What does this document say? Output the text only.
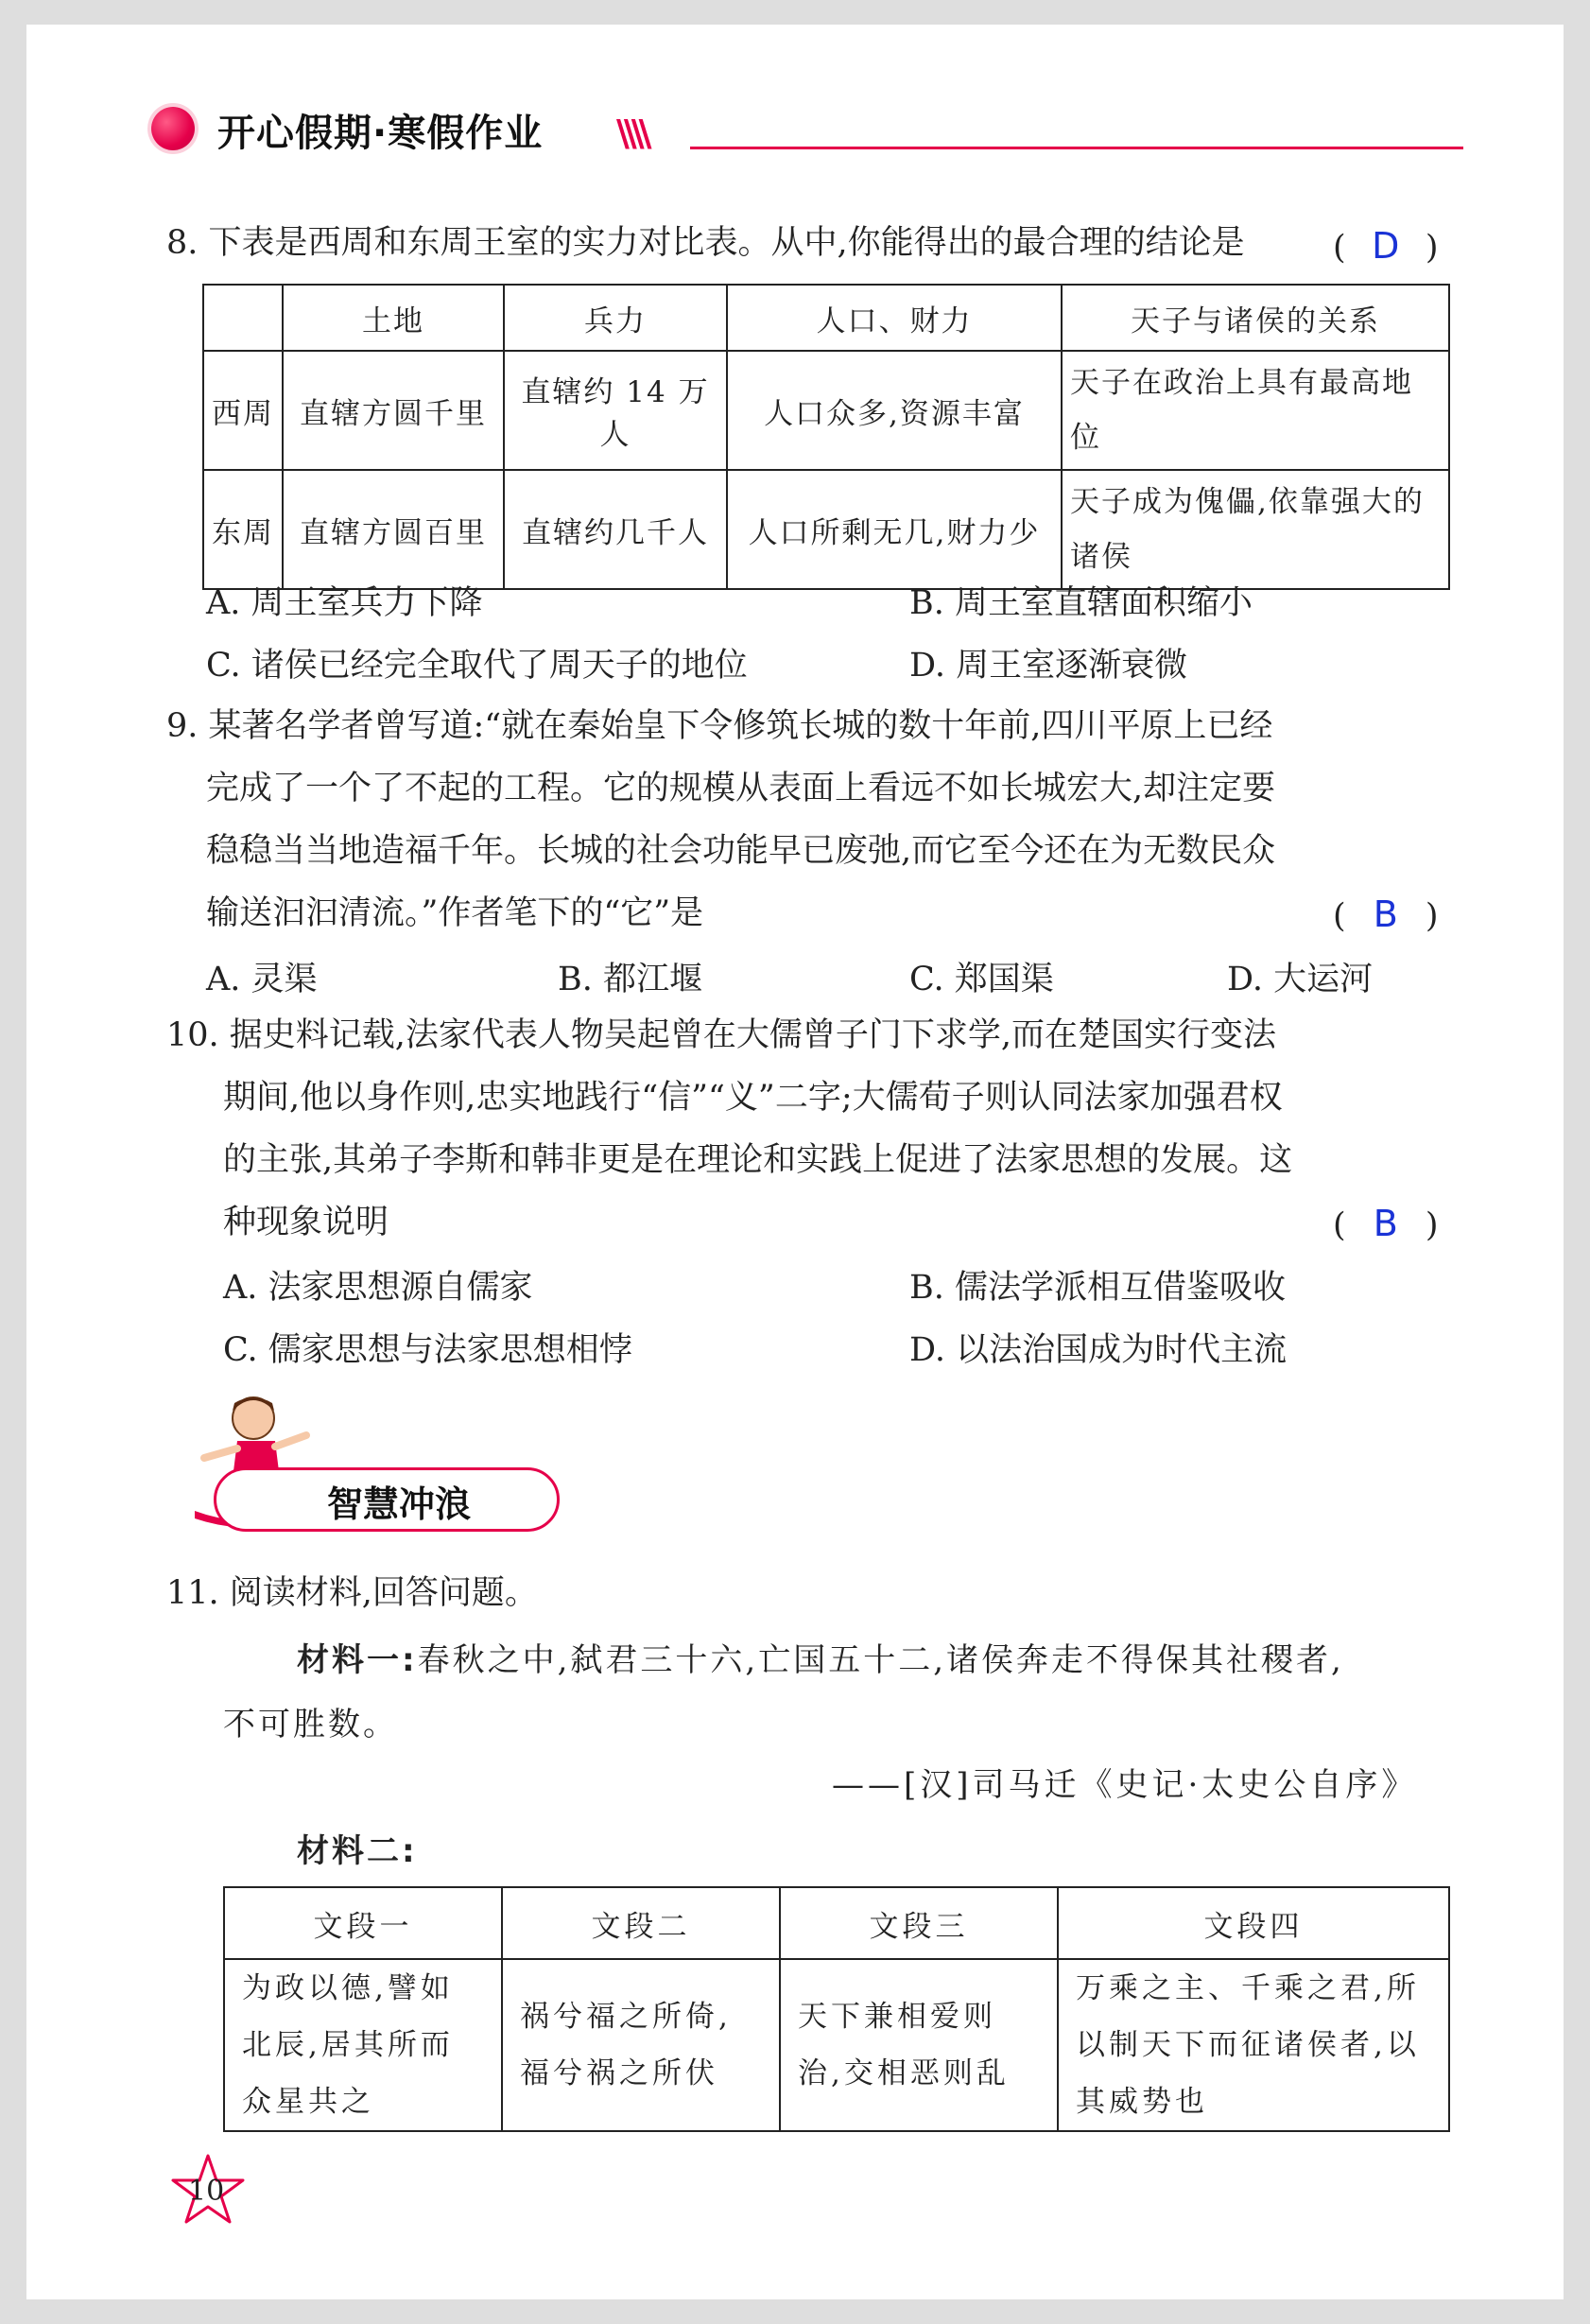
开心假期·寒假作业 \\\\
8. 下表是西周和东周王室的实力对比表。从中,你能得出的最合理的结论是	( D )
	土地	兵力	人口、财力	天子与诸侯的关系
西周	直辖方圆千里	直辖约 14 万人	人口众多,资源丰富	天子在政治上具有最高地位
东周	直辖方圆百里	直辖约几千人	人口所剩无几,财力少	天子成为傀儡,依靠强大的诸侯
A. 周王室兵力下降	B. 周王室直辖面积缩小
C. 诸侯已经完全取代了周天子的地位	D. 周王室逐渐衰微
9. 某著名学者曾写道:“就在秦始皇下令修筑长城的数十年前,四川平原上已经
完成了一个了不起的工程。它的规模从表面上看远不如长城宏大,却注定要
稳稳当当地造福千年。长城的社会功能早已废弛,而它至今还在为无数民众
输送汩汩清流。”作者笔下的“它”是	( B )
A. 灵渠	B. 都江堰	C. 郑国渠	D. 大运河
10. 据史料记载,法家代表人物吴起曾在大儒曾子门下求学,而在楚国实行变法
期间,他以身作则,忠实地践行“信”“义”二字;大儒荀子则认同法家加强君权
的主张,其弟子李斯和韩非更是在理论和实践上促进了法家思想的发展。这
种现象说明	( B )
A. 法家思想源自儒家	B. 儒法学派相互借鉴吸收
C. 儒家思想与法家思想相悖	D. 以法治国成为时代主流
智慧冲浪
11. 阅读材料,回答问题。
材料一:春秋之中,弑君三十六,亡国五十二,诸侯奔走不得保其社稷者,
不可胜数。
——[汉]司马迁《史记·太史公自序》
材料二:
文段一	文段二	文段三	文段四
为政以德,譬如北辰,居其所而众星共之	祸兮福之所倚,福兮祸之所伏	天下兼相爱则治,交相恶则乱	万乘之主、千乘之君,所以制天下而征诸侯者,以其威势也
10
